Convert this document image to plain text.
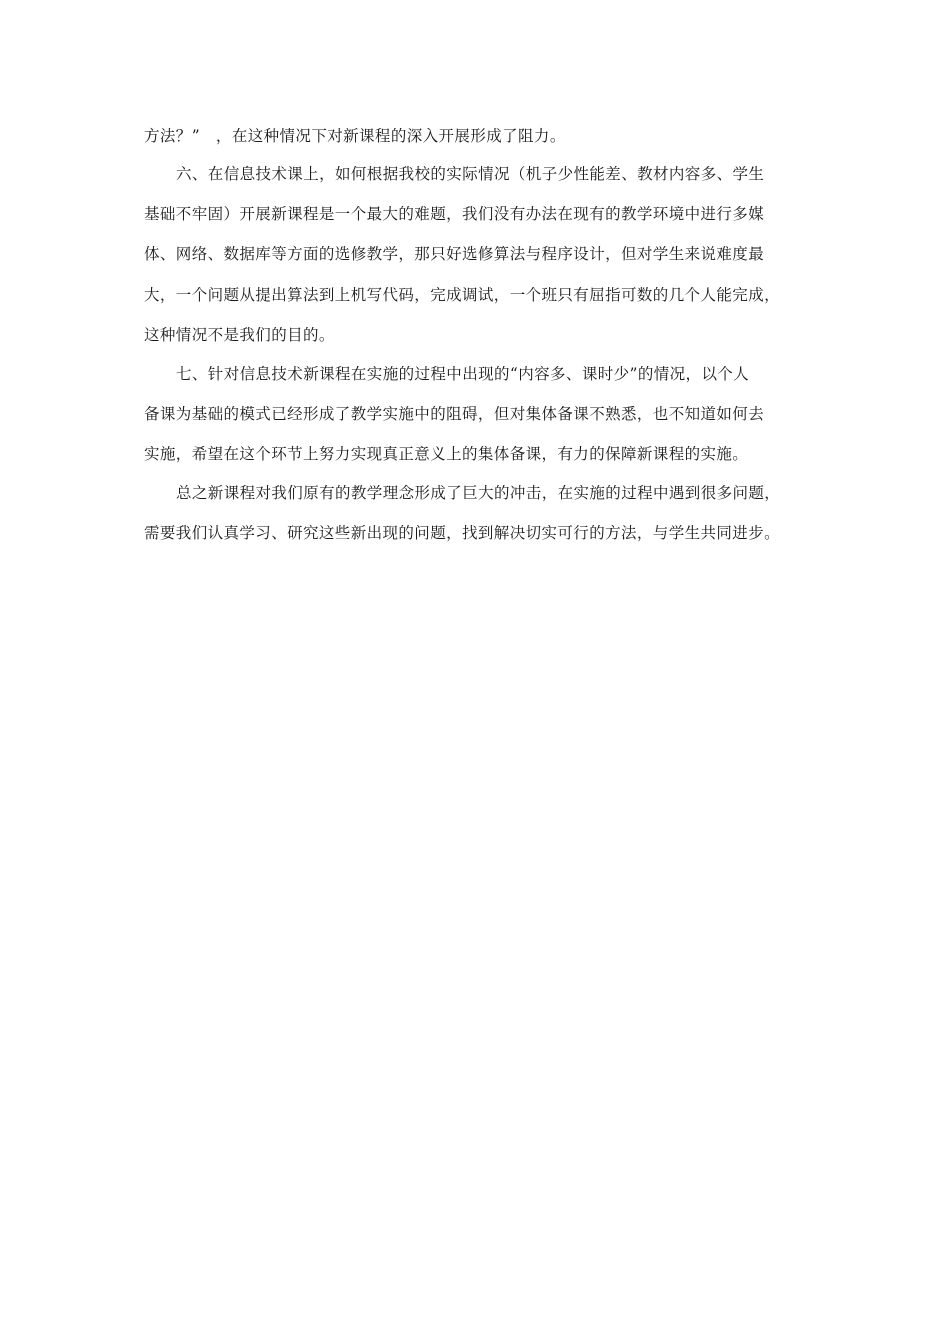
方法？”　，在这种情况下对新课程的深入开展形成了阻力。
六、在信息技术课上，如何根据我校的实际情况（机子少性能差、教材内容多、学生
基础不牢固）开展新课程是一个最大的难题，我们没有办法在现有的教学环境中进行多媒
体、网络、数据库等方面的选修教学，那只好选修算法与程序设计，但对学生来说难度最
大，一个问题从提出算法到上机写代码，完成调试，一个班只有屈指可数的几个人能完成，
这种情况不是我们的目的。
七、针对信息技术新课程在实施的过程中出现的“内容多、课时少”的情况，以个人
备课为基础的模式已经形成了教学实施中的阻碍，但对集体备课不熟悉，也不知道如何去
实施，希望在这个环节上努力实现真正意义上的集体备课，有力的保障新课程的实施。
总之新课程对我们原有的教学理念形成了巨大的冲击，在实施的过程中遇到很多问题，
需要我们认真学习、研究这些新出现的问题，找到解决切实可行的方法，与学生共同进步。
